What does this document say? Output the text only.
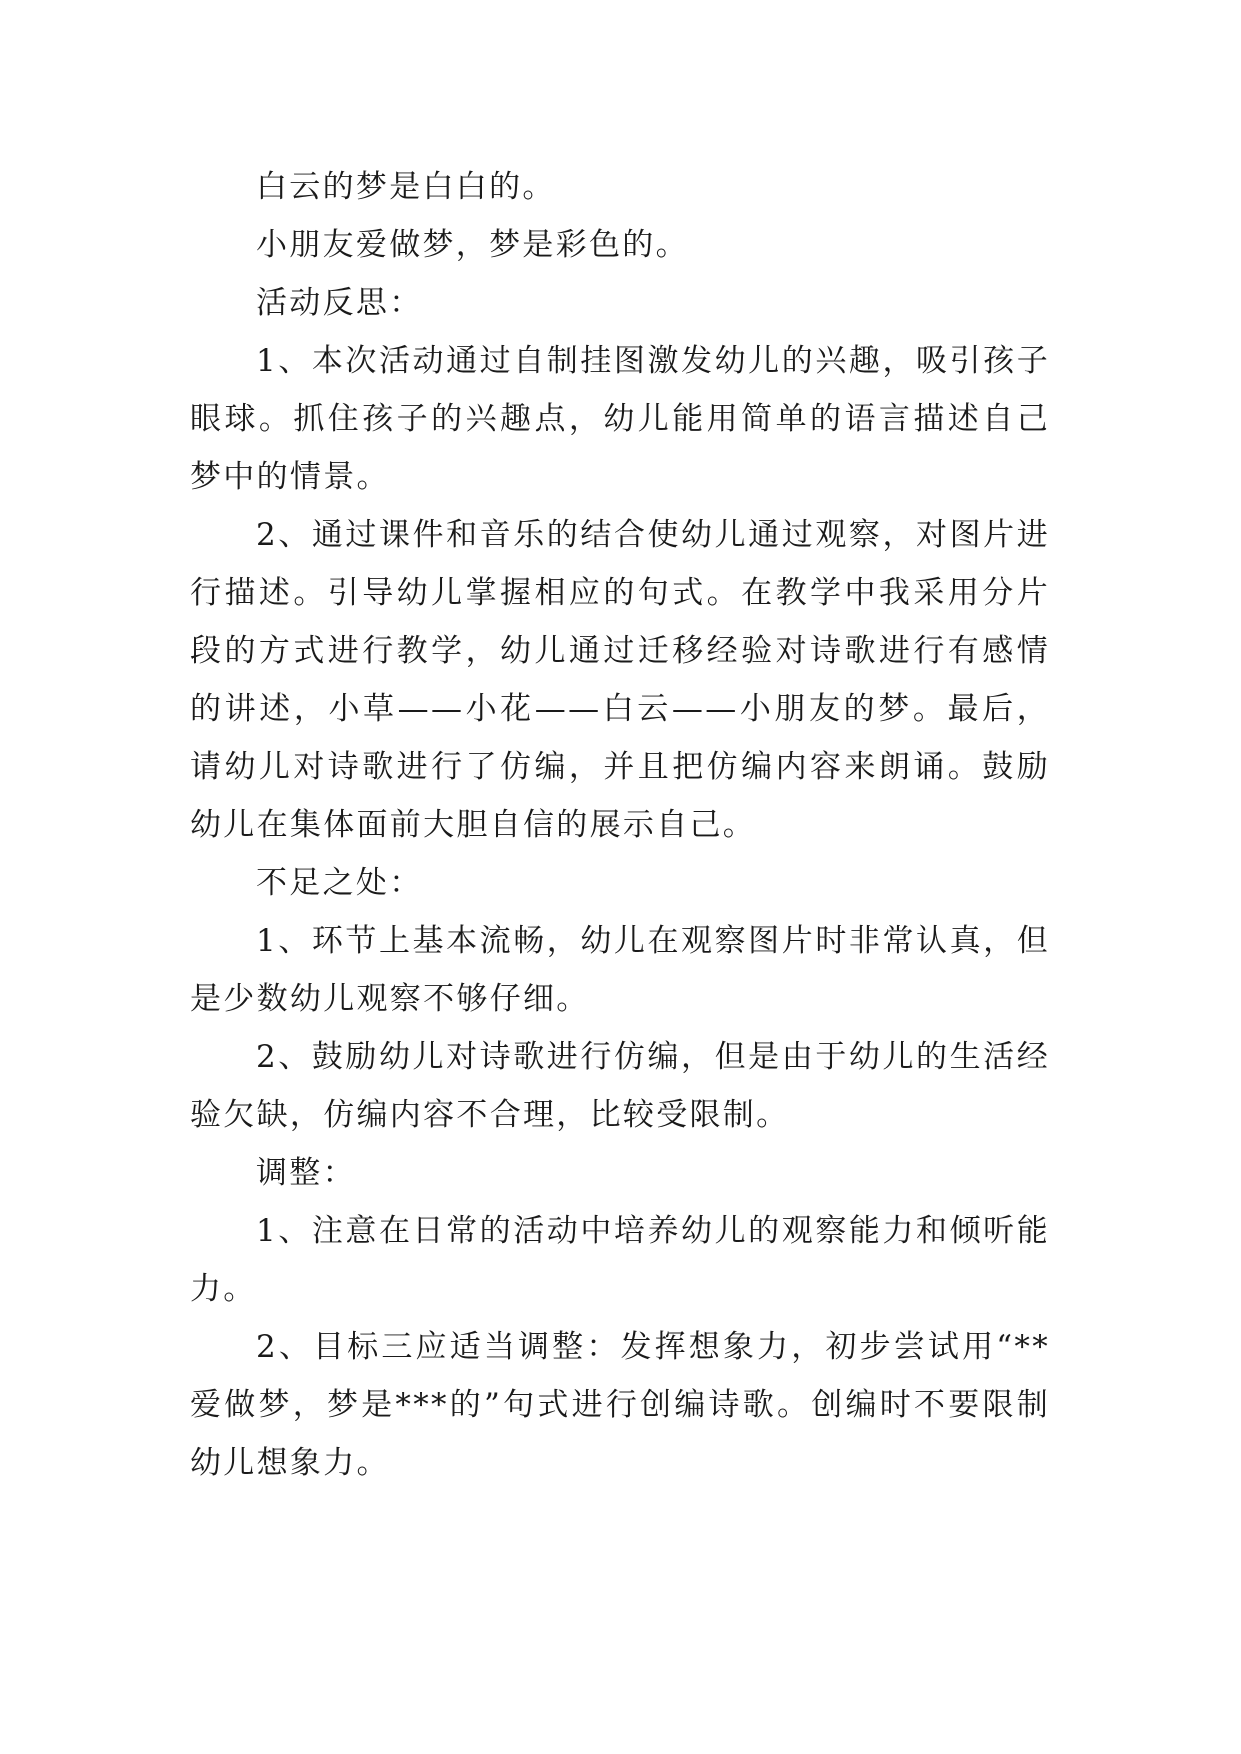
白云的梦是白白的。

小朋友爱做梦，梦是彩色的。

活动反思：

1、本次活动通过自制挂图激发幼儿的兴趣，吸引孩子眼球。抓住孩子的兴趣点，幼儿能用简单的语言描述自己梦中的情景。

2、通过课件和音乐的结合使幼儿通过观察，对图片进行描述。引导幼儿掌握相应的句式。在教学中我采用分片段的方式进行教学，幼儿通过迁移经验对诗歌进行有感情的讲述，小草——小花——白云——小朋友的梦。最后，请幼儿对诗歌进行了仿编，并且把仿编内容来朗诵。鼓励幼儿在集体面前大胆自信的展示自己。

不足之处：

1、环节上基本流畅，幼儿在观察图片时非常认真，但是少数幼儿观察不够仔细。

2、鼓励幼儿对诗歌进行仿编，但是由于幼儿的生活经验欠缺，仿编内容不合理，比较受限制。

调整：

1、注意在日常的活动中培养幼儿的观察能力和倾听能力。

2、目标三应适当调整：发挥想象力，初步尝试用“**爱做梦，梦是***的”句式进行创编诗歌。创编时不要限制幼儿想象力。
